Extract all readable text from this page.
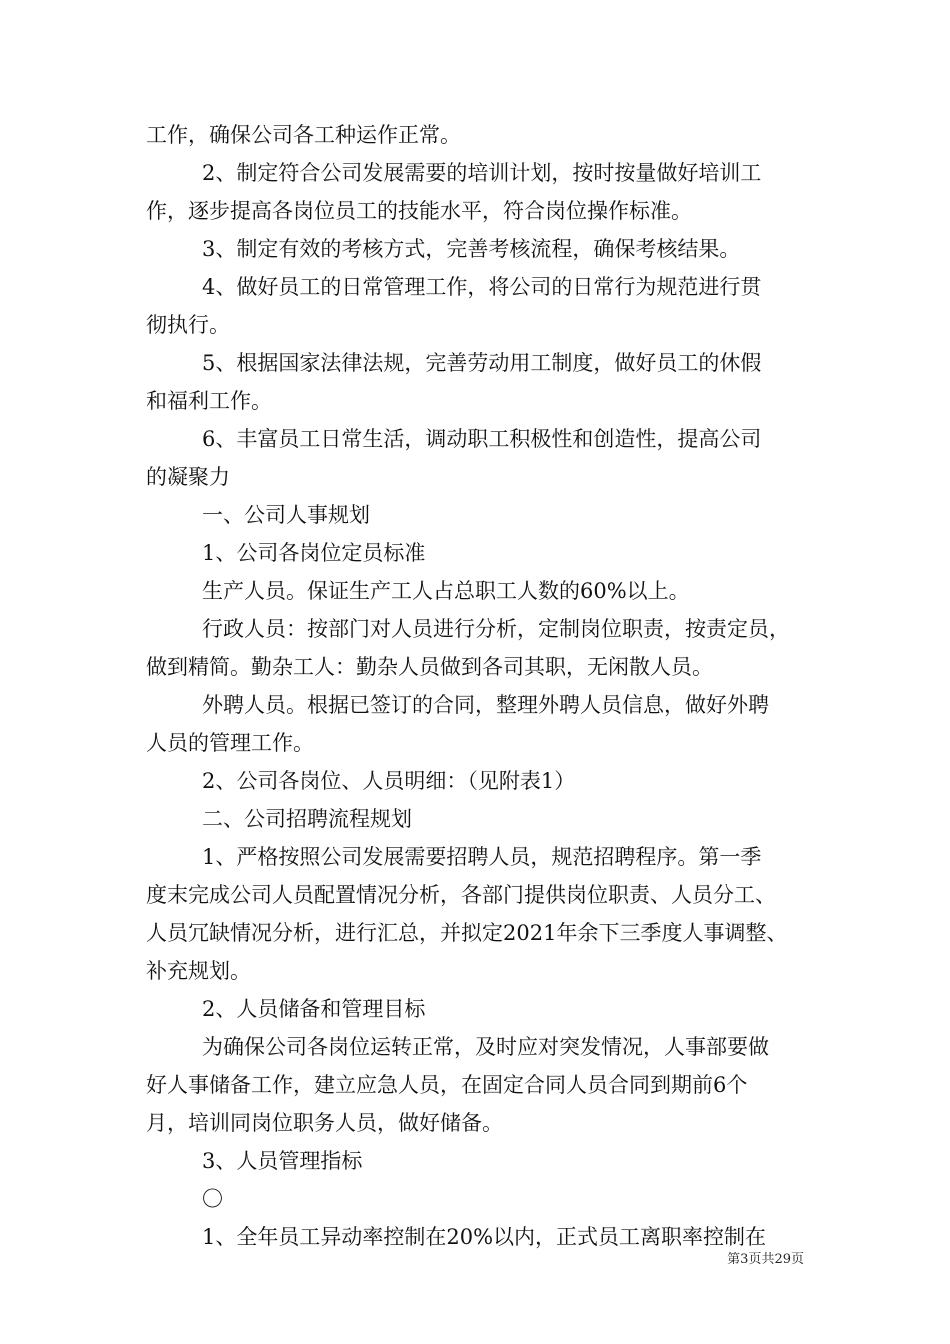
工作，确保公司各工种运作正常。
2、制定符合公司发展需要的培训计划，按时按量做好培训工
作，逐步提高各岗位员工的技能水平，符合岗位操作标准。
3、制定有效的考核方式，完善考核流程，确保考核结果。
4、做好员工的日常管理工作，将公司的日常行为规范进行贯
彻执行。
5、根据国家法律法规，完善劳动用工制度，做好员工的休假
和福利工作。
6、丰富员工日常生活，调动职工积极性和创造性，提高公司
的凝聚力
一、公司人事规划
1、公司各岗位定员标准
生产人员。保证生产工人占总职工人数的60%以上。
行政人员：按部门对人员进行分析，定制岗位职责，按责定员，
做到精简。勤杂工人：勤杂人员做到各司其职，无闲散人员。
外聘人员。根据已签订的合同，整理外聘人员信息，做好外聘
人员的管理工作。
2、公司各岗位、人员明细：（见附表1）
二、公司招聘流程规划
1、严格按照公司发展需要招聘人员，规范招聘程序。第一季
度末完成公司人员配置情况分析，各部门提供岗位职责、人员分工、
人员冗缺情况分析，进行汇总，并拟定2021年余下三季度人事调整、
补充规划。
2、人员储备和管理目标
为确保公司各岗位运转正常，及时应对突发情况，人事部要做
好人事储备工作，建立应急人员，在固定合同人员合同到期前6个
月，培训同岗位职务人员，做好储备。
3、人员管理指标
〇
1、全年员工异动率控制在20%以内，正式员工离职率控制在
第3页共29页
